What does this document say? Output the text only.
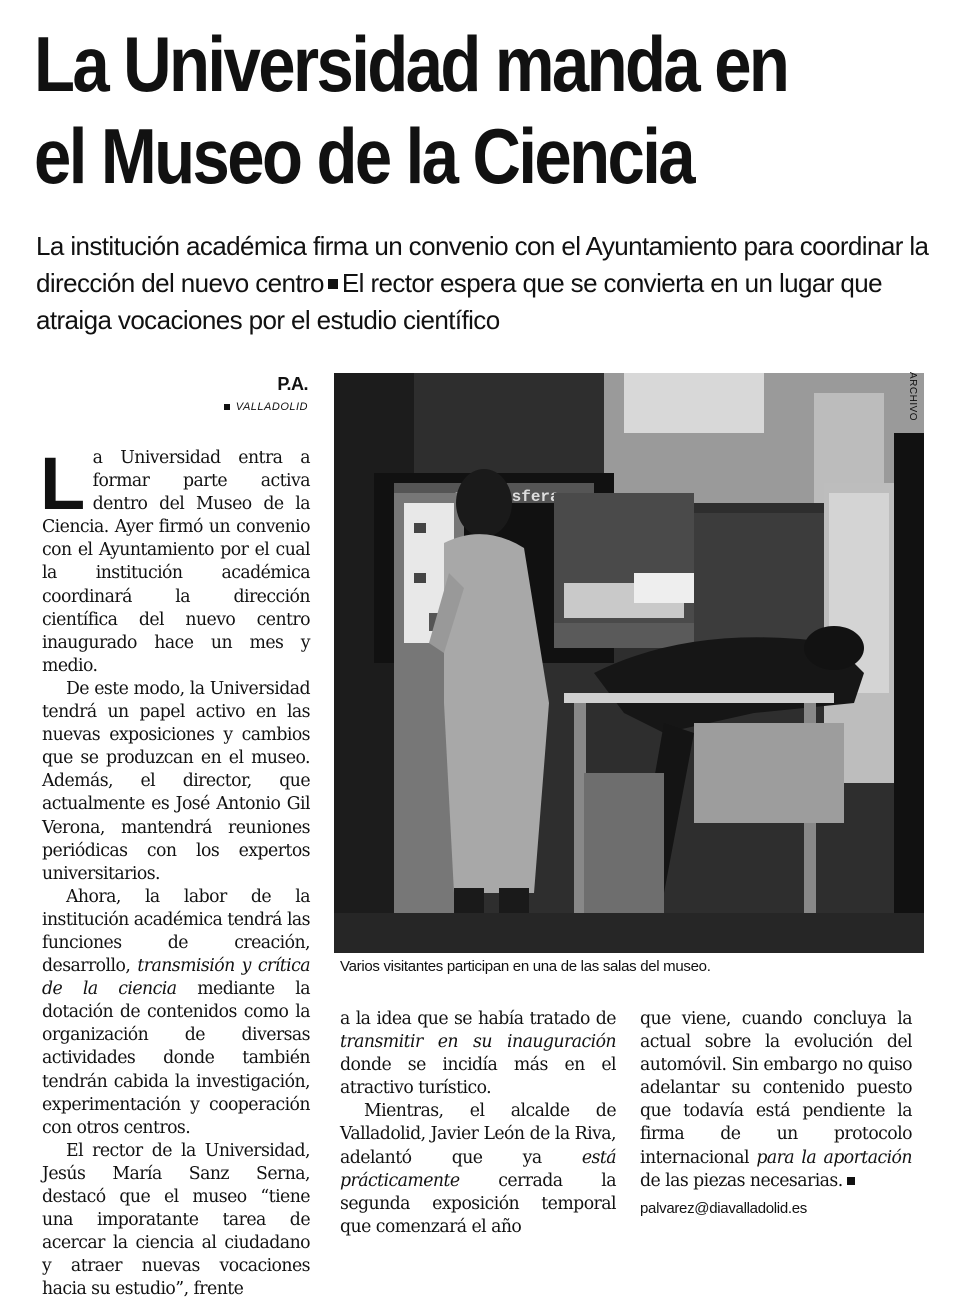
La Universidad manda en
el Museo de la Ciencia

La institución académica firma un convenio con el Ayuntamiento para coordinar la dirección del nuevo centro El rector espera que se convierta en un lugar que atraiga vocaciones por el estudio científico

P.A.
VALLADOLID

La Universidad entra a formar parte activa dentro del Museo de la Ciencia. Ayer firmó un convenio con el Ayuntamiento por el cual la institución académica coordinará la dirección científica del nuevo centro inaugurado hace un mes y medio.

De este modo, la Universidad tendrá un papel activo en las nuevas exposiciones y cambios que se produzcan en el museo. Además, el director, que actualmente es José Antonio Gil Verona, mantendrá reuniones periódicas con los expertos universitarios.

Ahora, la labor de la institución académica tendrá las funciones de creación, desarrollo, transmisión y crítica de la ciencia mediante la dotación de contenidos como la organización de diversas actividades donde también tendrán cabida la investigación, experimentación y cooperación con otros centros.

El rector de la Universidad, Jesús María Sanz Serna, destacó que el museo “tiene una imporatante tarea de acercar la ciencia al ciudadano y atraer nuevas vocaciones hacia su estudio”, frente

esfera
ARCHIVO
Varios visitantes participan en una de las salas del museo.

a la idea que se había tratado de transmitir en su inauguración donde se incidía más en el atractivo turístico.

Mientras, el alcalde de Valladolid, Javier León de la Riva, adelantó que ya está prácticamente cerrada la segunda exposición temporal que comenzará el año

que viene, cuando concluya la actual sobre la evolución del automóvil. Sin embargo no quiso adelantar su contenido puesto que todavía está pendiente la firma de un protocolo internacional para la aportación de las piezas necesarias.

palvarez@diavalladolid.es
